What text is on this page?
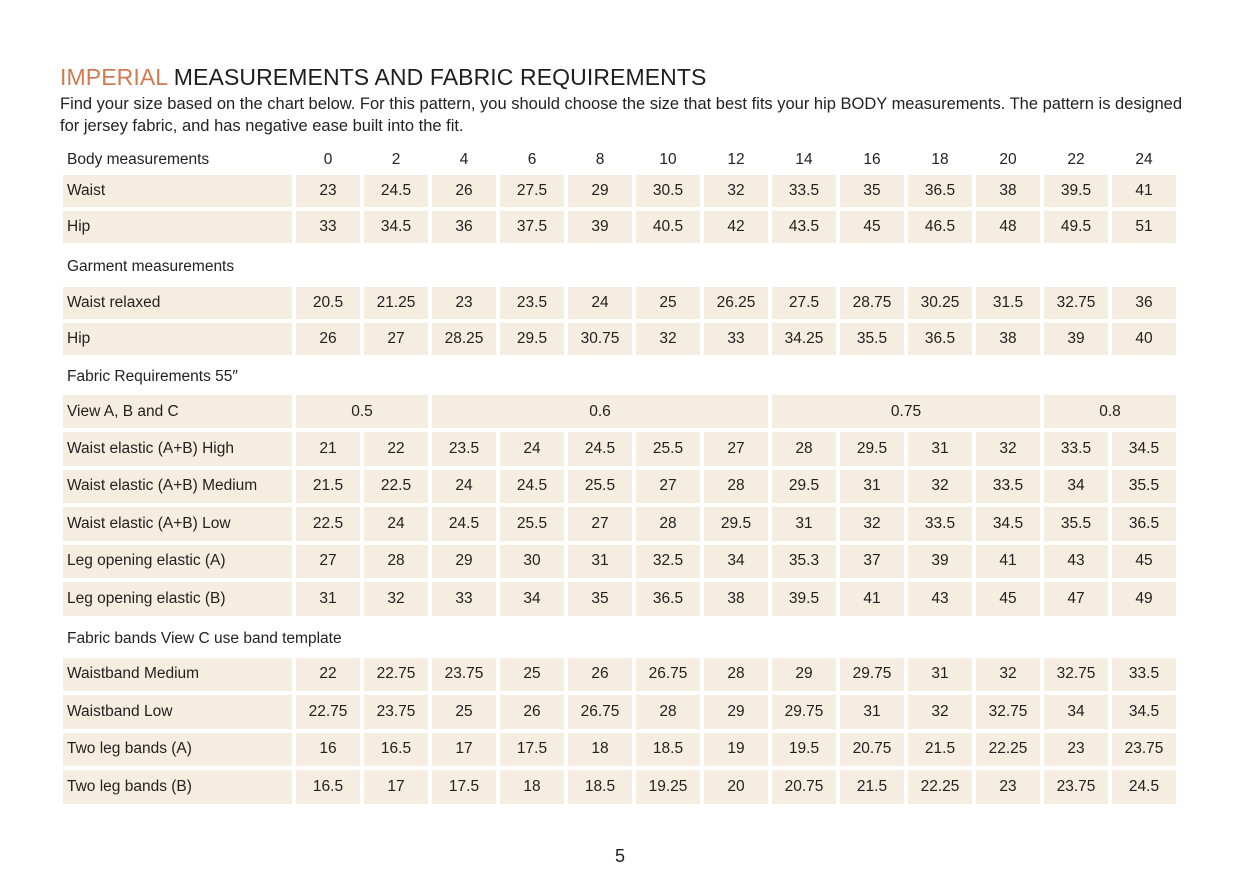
IMPERIAL MEASUREMENTS AND FABRIC REQUIREMENTS
Find your size based on the chart below. For this pattern, you should choose the size that best fits your hip BODY measurements. The pattern is designed for jersey fabric, and has negative ease built into the fit.
Body measurements	0	2	4	6	8	10	12	14	16	18	20	22	24
Waist	23	24.5	26	27.5	29	30.5	32	33.5	35	36.5	38	39.5	41
Hip	33	34.5	36	37.5	39	40.5	42	43.5	45	46.5	48	49.5	51
Garment measurements
Waist relaxed	20.5	21.25	23	23.5	24	25	26.25	27.5	28.75	30.25	31.5	32.75	36
Hip	26	27	28.25	29.5	30.75	32	33	34.25	35.5	36.5	38	39	40
Fabric Requirements 55″
View A, B and C	0.5	0.6	0.75	0.8
Waist elastic (A+B) High	21	22	23.5	24	24.5	25.5	27	28	29.5	31	32	33.5	34.5
Waist elastic (A+B) Medium	21.5	22.5	24	24.5	25.5	27	28	29.5	31	32	33.5	34	35.5
Waist elastic (A+B) Low	22.5	24	24.5	25.5	27	28	29.5	31	32	33.5	34.5	35.5	36.5
Leg opening elastic (A)	27	28	29	30	31	32.5	34	35.3	37	39	41	43	45
Leg opening elastic (B)	31	32	33	34	35	36.5	38	39.5	41	43	45	47	49
Fabric bands View C use band template
Waistband Medium	22	22.75	23.75	25	26	26.75	28	29	29.75	31	32	32.75	33.5
Waistband Low	22.75	23.75	25	26	26.75	28	29	29.75	31	32	32.75	34	34.5
Two leg bands (A)	16	16.5	17	17.5	18	18.5	19	19.5	20.75	21.5	22.25	23	23.75
Two leg bands (B)	16.5	17	17.5	18	18.5	19.25	20	20.75	21.5	22.25	23	23.75	24.5
5
